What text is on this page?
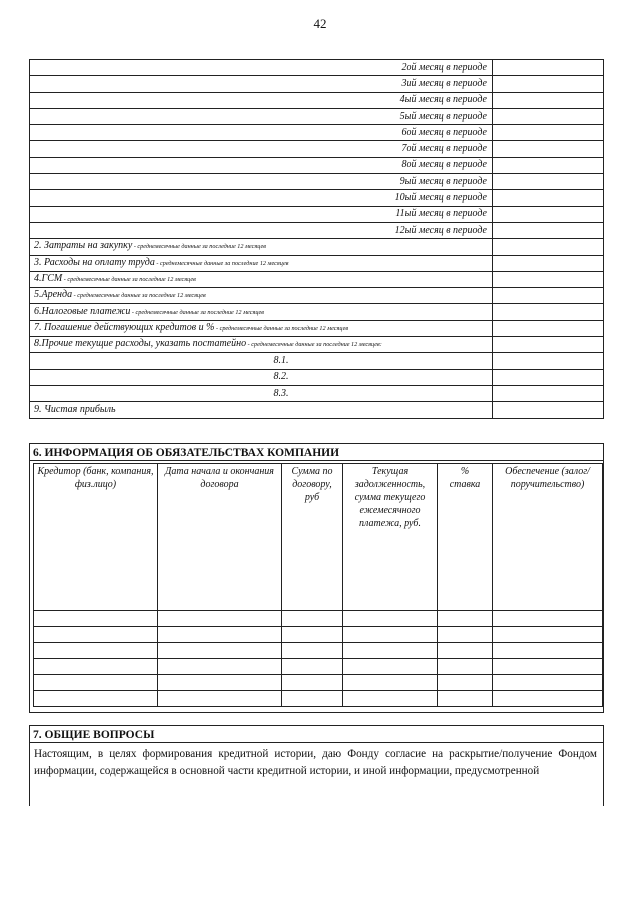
42
2ой месяц в периоде	
3ий месяц в периоде	
4ый месяц в периоде	
5ый месяц в периоде	
6ой месяц в периоде	
7ой месяц в периоде	
8ой месяц в периоде	
9ый месяц в периоде	
10ый месяц в периоде	
11ый месяц в периоде	
12ый месяц в периоде	
2. Затраты на закупку - среднемесячные данные за последние 12 месяцев	
3. Расходы на оплату труда - среднемесячные данные за последние 12 месяцев	
4.ГСМ - среднемесячные данные за последние 12 месяцев	
5.Аренда - среднемесячные данные за последние 12 месяцев	
6.Налоговые платежи - среднемесячные данные за последние 12 месяцев	
7. Погашение действующих кредитов и % - среднемесячные данные за последние 12 месяцев	
8.Прочие текущие расходы, указать постатейно - среднемесячные данные за последние 12 месяцев:	
8.1.	
8.2.	
8.3.	
9. Чистая прибыль	
6. ИНФОРМАЦИЯ ОБ ОБЯЗАТЕЛЬСТВАХ КОМПАНИИ
Кредитор (банк, компания, физ.лицо)	Дата начала и окончания договора	Сумма по договору, руб	Текущая задолженность, сумма текущего ежемесячного платежа, руб.	% ставка	Обеспечение (залог/поручительство)

7. ОБЩИЕ ВОПРОСЫ
Настоящим, в целях формирования кредитной истории, даю Фонду согласие на раскрытие/получение Фондом информации, содержащейся в основной части кредитной истории, и иной информации, предусмотренной
